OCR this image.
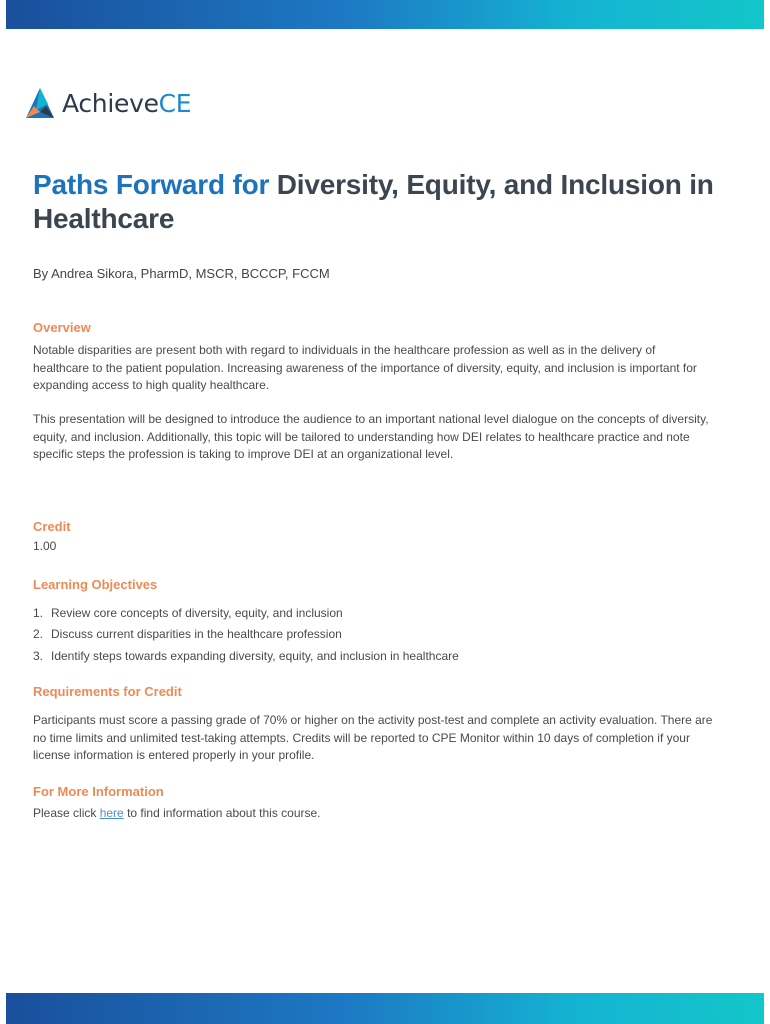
AchieveCE
Paths Forward for Diversity, Equity, and Inclusion in Healthcare

By Andrea Sikora, PharmD, MSCR, BCCCP, FCCM

Overview

Notable disparities are present both with regard to individuals in the healthcare profession as well as in the delivery of healthcare to the patient population. Increasing awareness of the importance of diversity, equity, and inclusion is important for expanding access to high quality healthcare.

This presentation will be designed to introduce the audience to an important national level dialogue on the concepts of diversity, equity, and inclusion. Additionally, this topic will be tailored to understanding how DEI relates to healthcare practice and note specific steps the profession is taking to improve DEI at an organizational level.

Credit

1.00

Learning Objectives
1. Review core concepts of diversity, equity, and inclusion
2. Discuss current disparities in the healthcare profession
3. Identify steps towards expanding diversity, equity, and inclusion in healthcare
Requirements for Credit

Participants must score a passing grade of 70% or higher on the activity post-test and complete an activity evaluation. There are no time limits and unlimited test-taking attempts. Credits will be reported to CPE Monitor within 10 days of completion if your license information is entered properly in your profile.

For More Information

Please click here to find information about this course.
